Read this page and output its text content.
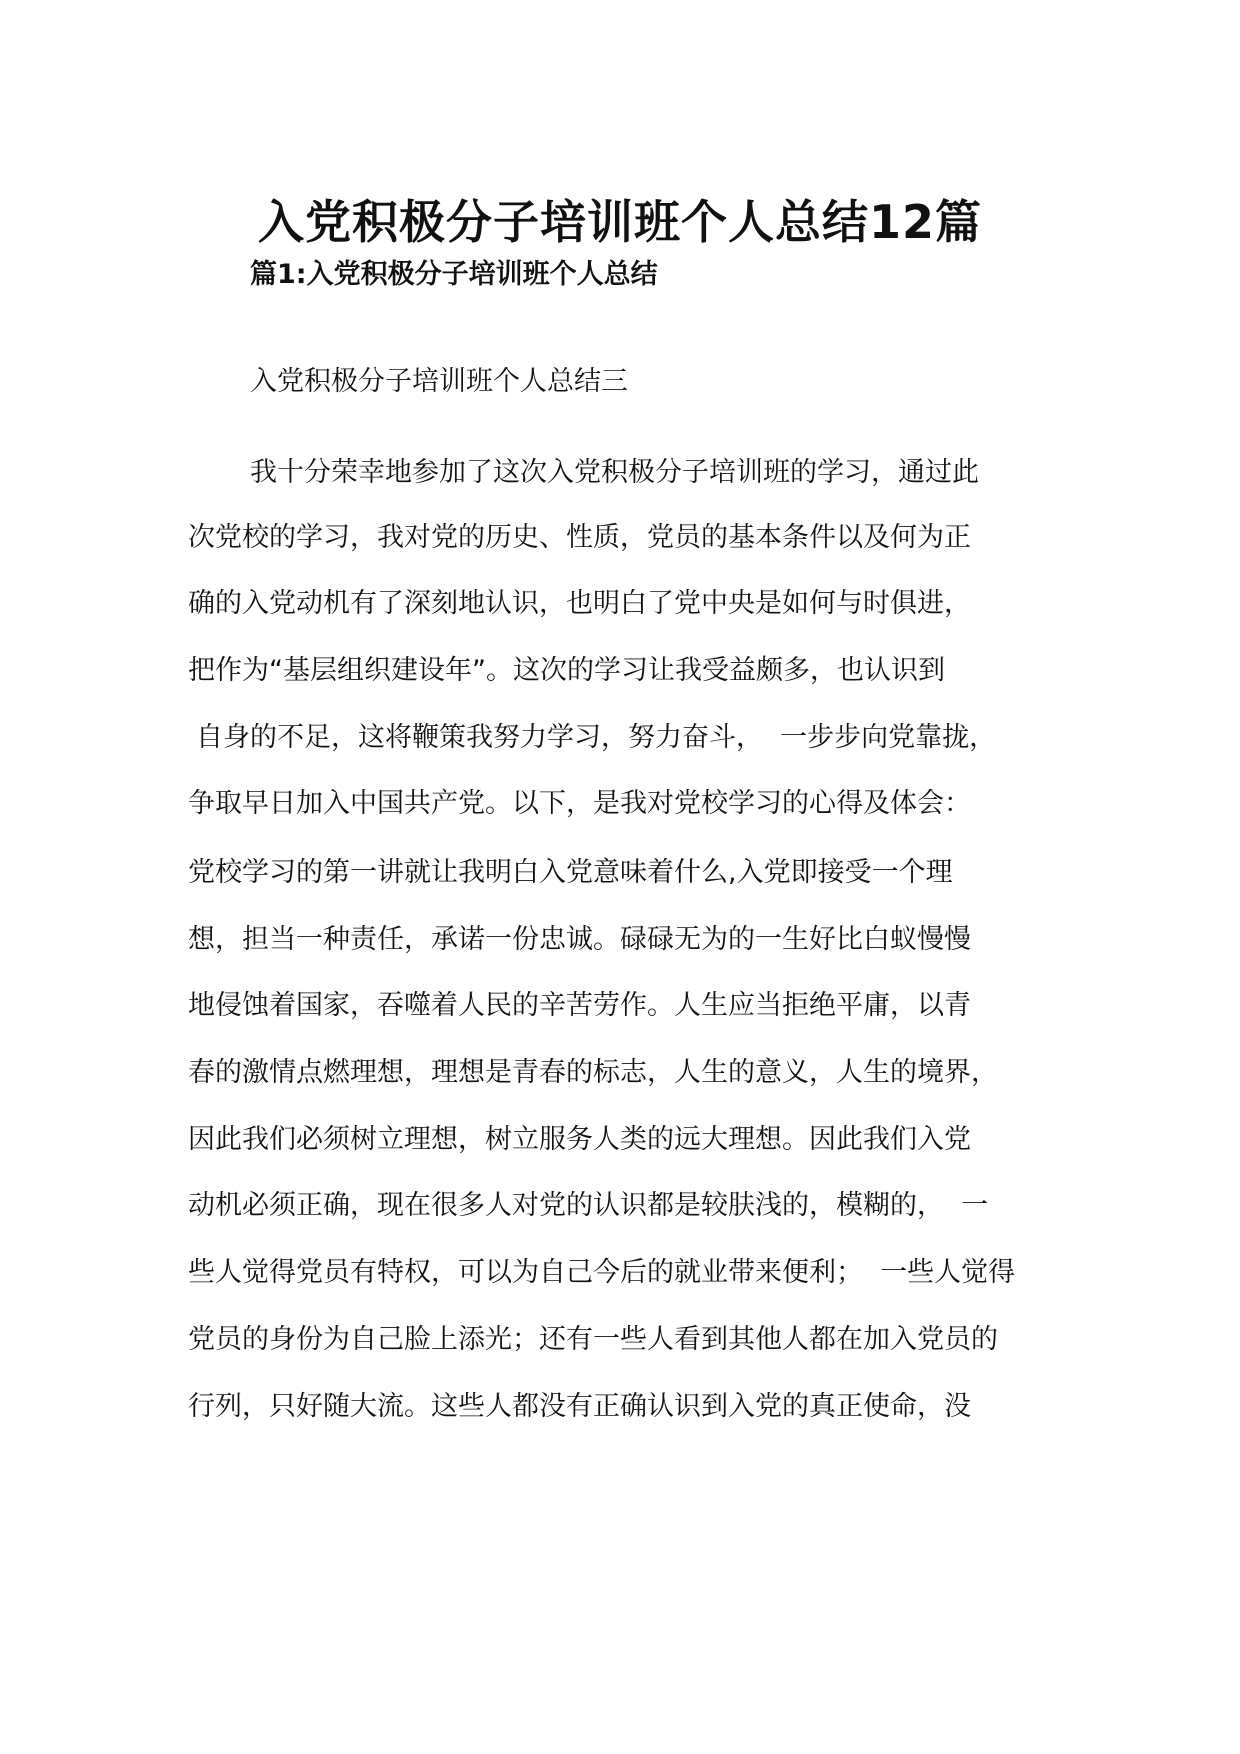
入党积极分子培训班个人总结12篇
篇1:入党积极分子培训班个人总结

入党积极分子培训班个人总结三

我十分荣幸地参加了这次入党积极分子培训班的学习，通过此

次党校的学习，我对党的历史、性质，党员的基本条件以及何为正

确的入党动机有了深刻地认识，也明白了党中央是如何与时俱进，

把作为“基层组织建设年”。这次的学习让我受益颇多，也认识到

自身的不足，这将鞭策我努力学习，努力奋斗，  一步步向党靠拢，

争取早日加入中国共产党。以下，是我对党校学习的心得及体会：

党校学习的第一讲就让我明白入党意味着什么,入党即接受一个理

想，担当一种责任，承诺一份忠诚。碌碌无为的一生好比白蚁慢慢

地侵蚀着国家，吞噬着人民的辛苦劳作。人生应当拒绝平庸，以青

春的激情点燃理想，理想是青春的标志，人生的意义，人生的境界，

因此我们必须树立理想，树立服务人类的远大理想。因此我们入党

动机必须正确，现在很多人对党的认识都是较肤浅的，模糊的，  一

些人觉得党员有特权，可以为自己今后的就业带来便利；  一些人觉得

党员的身份为自己脸上添光；还有一些人看到其他人都在加入党员的

行列，只好随大流。这些人都没有正确认识到入党的真正使命，没
